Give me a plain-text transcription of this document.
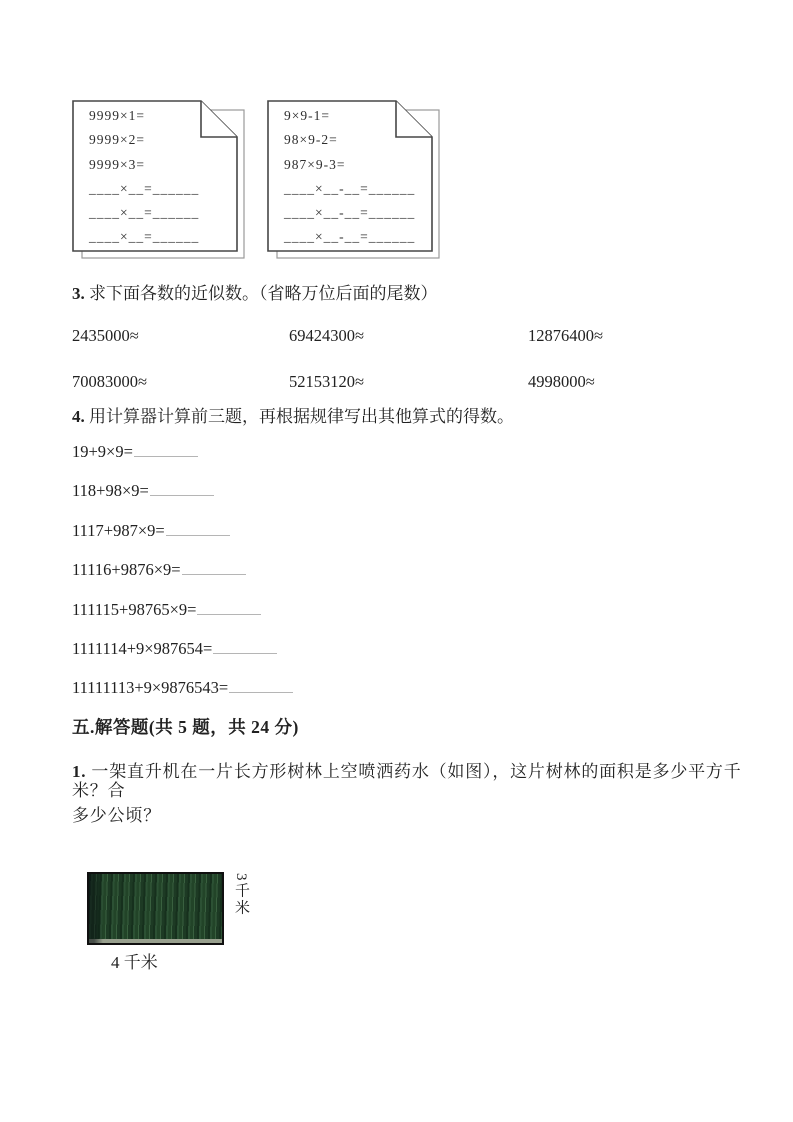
9999×1=
9999×2=
9999×3=
____×__=______
____×__=______
____×__=______
9×9-1=
98×9-2=
987×9-3=
____×__-__=______
____×__-__=______
____×__-__=______
3. 求下面各数的近似数。（省略万位后面的尾数）
2435000≈	69424300≈	12876400≈
70083000≈	52153120≈	4998000≈
4. 用计算器计算前三题，再根据规律写出其他算式的得数。
19+9×9=
118+98×9=
1117+987×9=
11116+9876×9=
111115+98765×9=
1111114+9×987654=
11111113+9×9876543=
五.解答题(共 5 题，共 24 分)
1. 一架直升机在一片长方形树林上空喷洒药水（如图），这片树林的面积是多少平方千米？合
多少公顷？
3千米
4 千米
